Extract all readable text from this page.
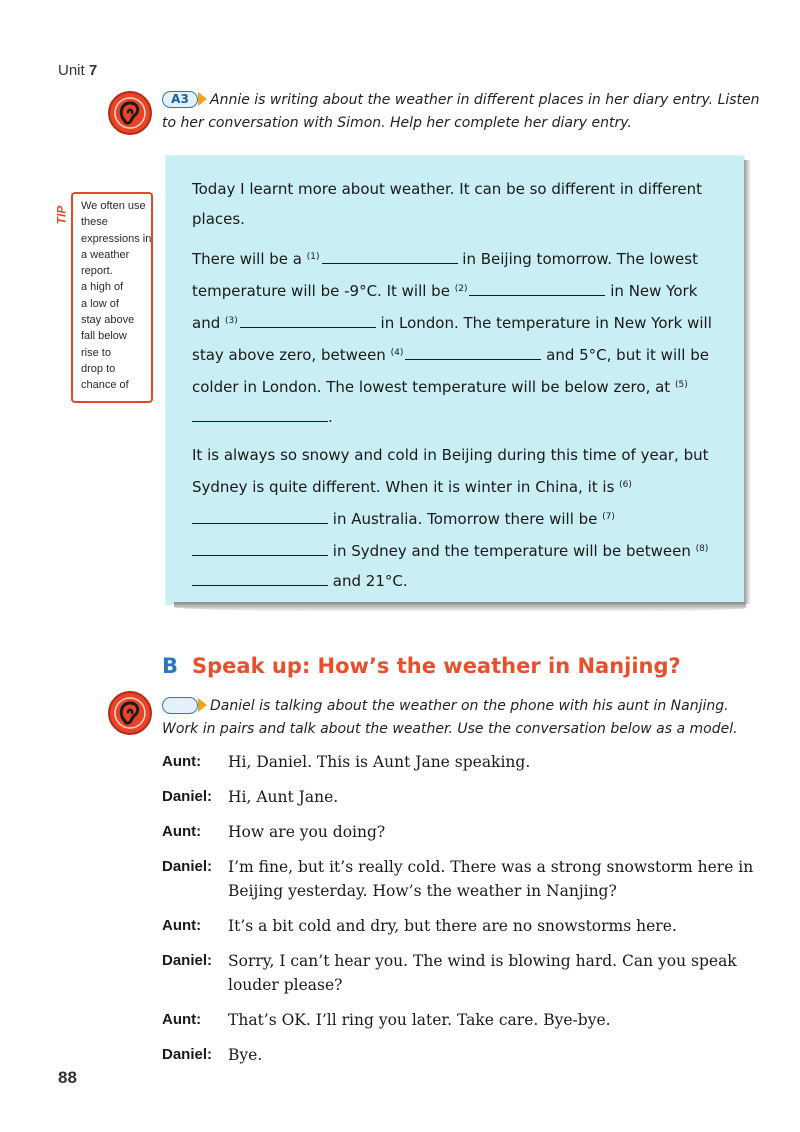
Unit 7
A3	Annie is writing about the weather in different places in her diary entry. Listen to her conversation with Simon. Help her complete her diary entry.
TIP We often use
these
expressions in
a weather
report.
a high of
a low of
stay above
fall below
rise to
drop to
chance of

Today I learnt more about weather. It can be so different in different places.

There will be a $^{(1)}$	in Beijing tomorrow. The lowest temperature will be -9°C. It will be $^{(2)}$	in New York and $^{(3)}$	in London. The temperature in New York will stay above zero, between $^{(4)}$	and 5°C, but it will be colder in London. The lowest temperature will be below zero, at $^{(5)}$.

It is always so snowy and cold in Beijing during this time of year, but Sydney is quite different. When it is winter in China, it is $^{(6)}$ in Australia. Tomorrow there will be $^{(7)}$ in Sydney and the temperature will be between $^{(8)}$ and 21°C.

B Speak up: How’s the weather in Nanjing?
Daniel is talking about the weather on the phone with his aunt in Nanjing. Work in pairs and talk about the weather. Use the conversation below as a model.
Aunt:	Hi, Daniel. This is Aunt Jane speaking.
Daniel:	Hi, Aunt Jane.
Aunt:	How are you doing?
Daniel:	I’m fine, but it’s really cold. There was a strong snowstorm here in Beijing yesterday. How’s the weather in Nanjing?
Aunt:	It’s a bit cold and dry, but there are no snowstorms here.
Daniel:	Sorry, I can’t hear you. The wind is blowing hard. Can you speak louder please?
Aunt:	That’s OK. I’ll ring you later. Take care. Bye-bye.
Daniel:	Bye.
88
